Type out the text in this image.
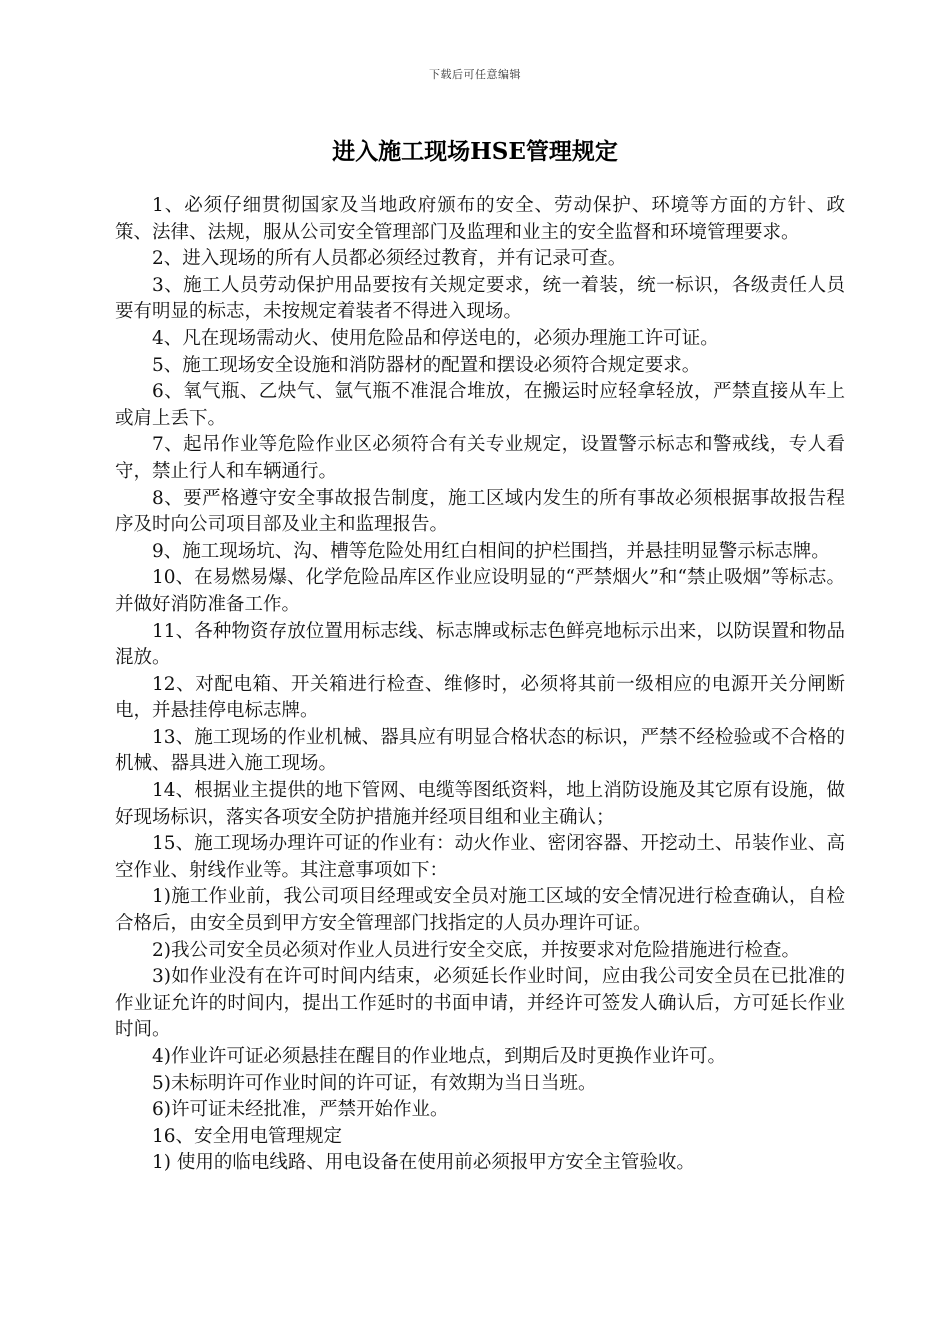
下载后可任意编辑
进入施工现场HSE管理规定

1、必须仔细贯彻国家及当地政府颁布的安全、劳动保护、环境等方面的方针、政策、法律、法规，服从公司安全管理部门及监理和业主的安全监督和环境管理要求。

2、进入现场的所有人员都必须经过教育，并有记录可查。

3、施工人员劳动保护用品要按有关规定要求，统一着装，统一标识，各级责任人员要有明显的标志，未按规定着装者不得进入现场。

4、凡在现场需动火、使用危险品和停送电的，必须办理施工许可证。

5、施工现场安全设施和消防器材的配置和摆设必须符合规定要求。

6、氧气瓶、乙炔气、氩气瓶不准混合堆放，在搬运时应轻拿轻放，严禁直接从车上或肩上丢下。

7、起吊作业等危险作业区必须符合有关专业规定，设置警示标志和警戒线，专人看守，禁止行人和车辆通行。

8、要严格遵守安全事故报告制度，施工区域内发生的所有事故必须根据事故报告程序及时向公司项目部及业主和监理报告。

9、施工现场坑、沟、槽等危险处用红白相间的护栏围挡，并悬挂明显警示标志牌。

10、在易燃易爆、化学危险品库区作业应设明显的“严禁烟火”和“禁止吸烟”等标志。并做好消防准备工作。

11、各种物资存放位置用标志线、标志牌或标志色鲜亮地标示出来，以防误置和物品混放。

12、对配电箱、开关箱进行检查、维修时，必须将其前一级相应的电源开关分闸断电，并悬挂停电标志牌。

13、施工现场的作业机械、器具应有明显合格状态的标识，严禁不经检验或不合格的机械、器具进入施工现场。

14、根据业主提供的地下管网、电缆等图纸资料，地上消防设施及其它原有设施，做好现场标识，落实各项安全防护措施并经项目组和业主确认；

15、施工现场办理许可证的作业有：动火作业、密闭容器、开挖动土、吊装作业、高空作业、射线作业等。其注意事项如下：

1)施工作业前，我公司项目经理或安全员对施工区域的安全情况进行检查确认，自检合格后，由安全员到甲方安全管理部门找指定的人员办理许可证。

2)我公司安全员必须对作业人员进行安全交底，并按要求对危险措施进行检查。

3)如作业没有在许可时间内结束，必须延长作业时间，应由我公司安全员在已批准的作业证允许的时间内，提出工作延时的书面申请，并经许可签发人确认后，方可延长作业时间。

4)作业许可证必须悬挂在醒目的作业地点，到期后及时更换作业许可。

5)未标明许可作业时间的许可证，有效期为当日当班。

6)许可证未经批准，严禁开始作业。

16、安全用电管理规定

1) 使用的临电线路、用电设备在使用前必须报甲方安全主管验收。
